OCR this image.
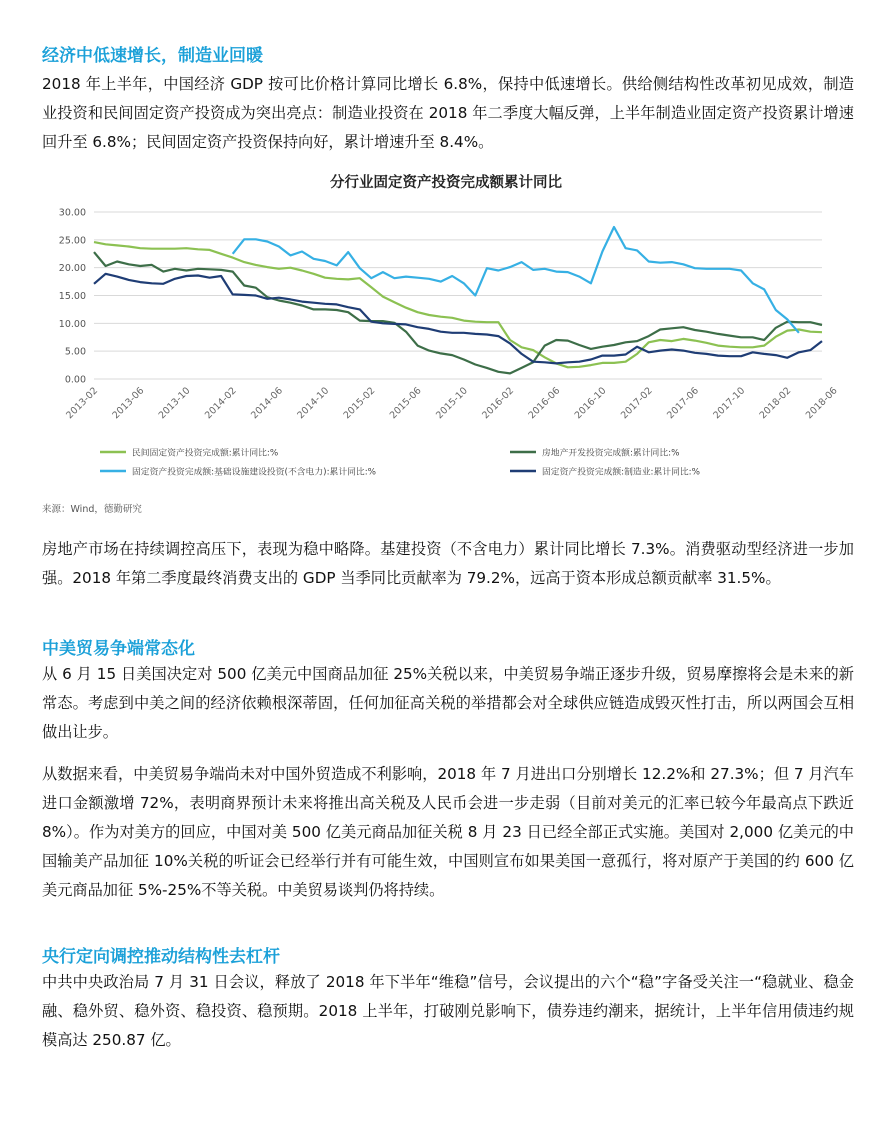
经济中低速增长，制造业回暖

2018 年上半年，中国经济 GDP 按可比价格计算同比增长 6.8%，保持中低速增长。供给侧结构性改革初见成效，制造业投资和民间固定资产投资成为突出亮点：制造业投资在 2018 年二季度大幅反弹，上半年制造业固定资产投资累计增速回升至 6.8%；民间固定资产投资保持向好，累计增速升至 8.4%。

分行业固定资产投资完成额累计同比
0.00
5.00
10.00
15.00
20.00
25.00
30.00
2013-02 2013-06 2013-10 2014-02 2014-06 2014-10 2015-02 2015-06 2015-10 2016-02 2016-06 2016-10 2017-02 2017-06 2017-10 2018-02 2018-06
民间固定资产投资完成额:累计同比:%	房地产开发投资完成额:累计同比:%
固定资产投资完成额:基础设施建设投资(不含电力):累计同比:%	固定资产投资完成额:制造业:累计同比:%
来源：Wind，德勤研究

房地产市场在持续调控高压下，表现为稳中略降。基建投资（不含电力）累计同比增长 7.3%。消费驱动型经济进一步加强。2018 年第二季度最终消费支出的 GDP 当季同比贡献率为 79.2%，远高于资本形成总额贡献率 31.5%。

中美贸易争端常态化

从 6 月 15 日美国决定对 500 亿美元中国商品加征 25%关税以来，中美贸易争端正逐步升级，贸易摩擦将会是未来的新常态。考虑到中美之间的经济依赖根深蒂固，任何加征高关税的举措都会对全球供应链造成毁灭性打击，所以两国会互相做出让步。

从数据来看，中美贸易争端尚未对中国外贸造成不利影响，2018 年 7 月进出口分别增长 12.2%和 27.3%；但 7 月汽车进口金额激增 72%，表明商界预计未来将推出高关税及人民币会进一步走弱（目前对美元的汇率已较今年最高点下跌近 8%）。作为对美方的回应，中国对美 500 亿美元商品加征关税 8 月 23 日已经全部正式实施。美国对 2,000 亿美元的中国输美产品加征 10%关税的听证会已经举行并有可能生效，中国则宣布如果美国一意孤行，将对原产于美国的约 600 亿美元商品加征 5%-25%不等关税。中美贸易谈判仍将持续。

央行定向调控推动结构性去杠杆

中共中央政治局 7 月 31 日会议，释放了 2018 年下半年“维稳”信号，会议提出的六个“稳”字备受关注一“稳就业、稳金融、稳外贸、稳外资、稳投资、稳预期。2018 上半年，打破刚兑影响下，债券违约潮来，据统计，上半年信用债违约规模高达 250.87 亿。
